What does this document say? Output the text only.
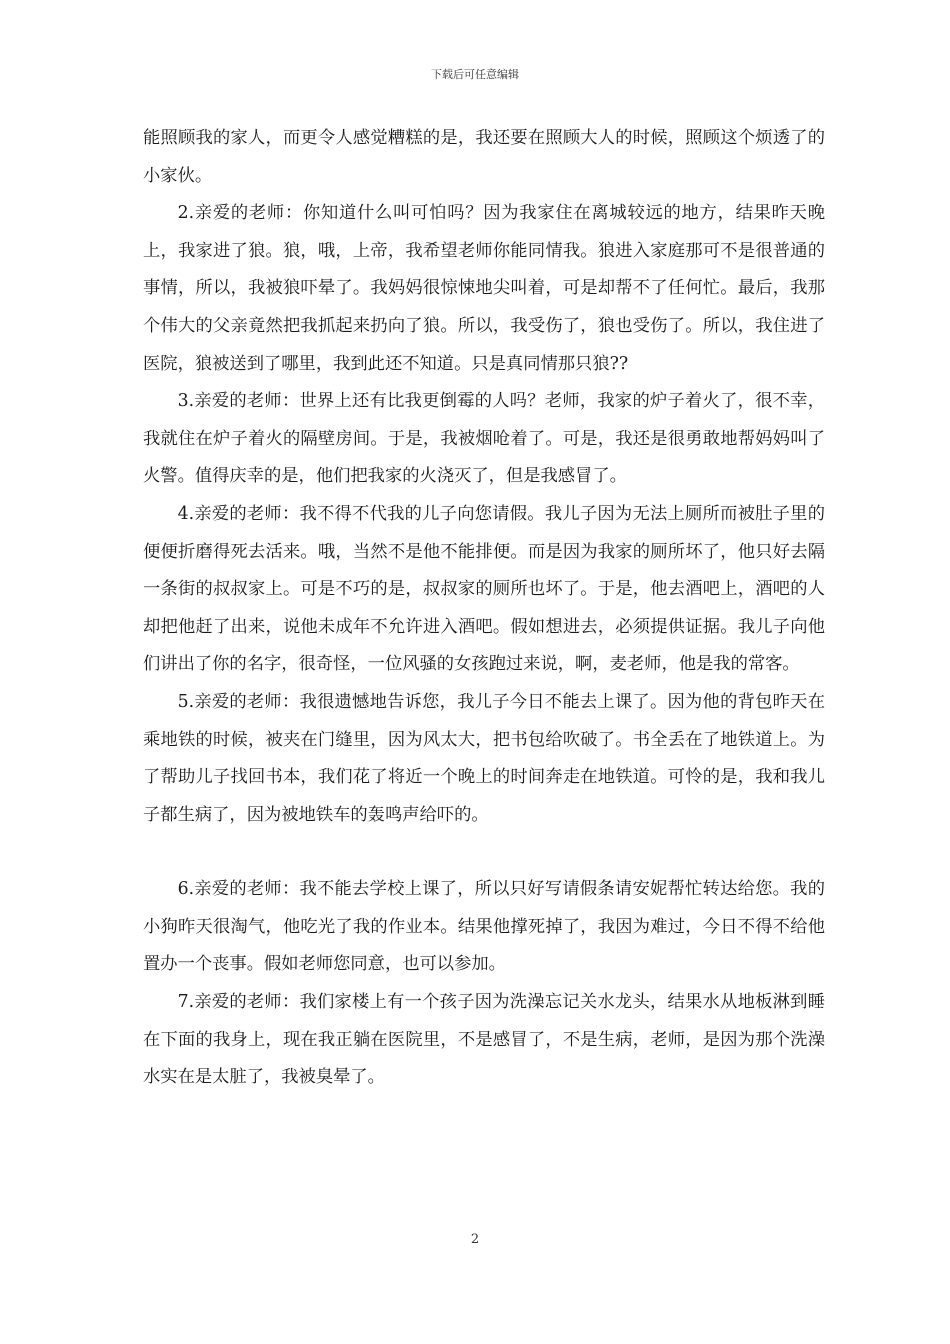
下载后可任意编辑

能照顾我的家人，而更令人感觉糟糕的是，我还要在照顾大人的时候，照顾这个烦透了的小家伙。

2.亲爱的老师：你知道什么叫可怕吗？因为我家住在离城较远的地方，结果昨天晚上，我家进了狼。狼，哦，上帝，我希望老师你能同情我。狼进入家庭那可不是很普通的事情，所以，我被狼吓晕了。我妈妈很惊悚地尖叫着，可是却帮不了任何忙。最后，我那个伟大的父亲竟然把我抓起来扔向了狼。所以，我受伤了，狼也受伤了。所以，我住进了医院，狼被送到了哪里，我到此还不知道。只是真同情那只狼??

3.亲爱的老师：世界上还有比我更倒霉的人吗？老师，我家的炉子着火了，很不幸，我就住在炉子着火的隔壁房间。于是，我被烟呛着了。可是，我还是很勇敢地帮妈妈叫了火警。值得庆幸的是，他们把我家的火浇灭了，但是我感冒了。

4.亲爱的老师：我不得不代我的儿子向您请假。我儿子因为无法上厕所而被肚子里的便便折磨得死去活来。哦，当然不是他不能排便。而是因为我家的厕所坏了，他只好去隔一条街的叔叔家上。可是不巧的是，叔叔家的厕所也坏了。于是，他去酒吧上，酒吧的人却把他赶了出来，说他未成年不允许进入酒吧。假如想进去，必须提供证据。我儿子向他们讲出了你的名字，很奇怪，一位风骚的女孩跑过来说，啊，麦老师，他是我的常客。

5.亲爱的老师：我很遗憾地告诉您，我儿子今日不能去上课了。因为他的背包昨天在乘地铁的时候，被夹在门缝里，因为风太大，把书包给吹破了。书全丢在了地铁道上。为了帮助儿子找回书本，我们花了将近一个晚上的时间奔走在地铁道。可怜的是，我和我儿子都生病了，因为被地铁车的轰鸣声给吓的。

6.亲爱的老师：我不能去学校上课了，所以只好写请假条请安妮帮忙转达给您。我的小狗昨天很淘气，他吃光了我的作业本。结果他撑死掉了，我因为难过，今日不得不给他置办一个丧事。假如老师您同意，也可以参加。

7.亲爱的老师：我们家楼上有一个孩子因为洗澡忘记关水龙头，结果水从地板淋到睡在下面的我身上，现在我正躺在医院里，不是感冒了，不是生病，老师，是因为那个洗澡水实在是太脏了，我被臭晕了。

2
